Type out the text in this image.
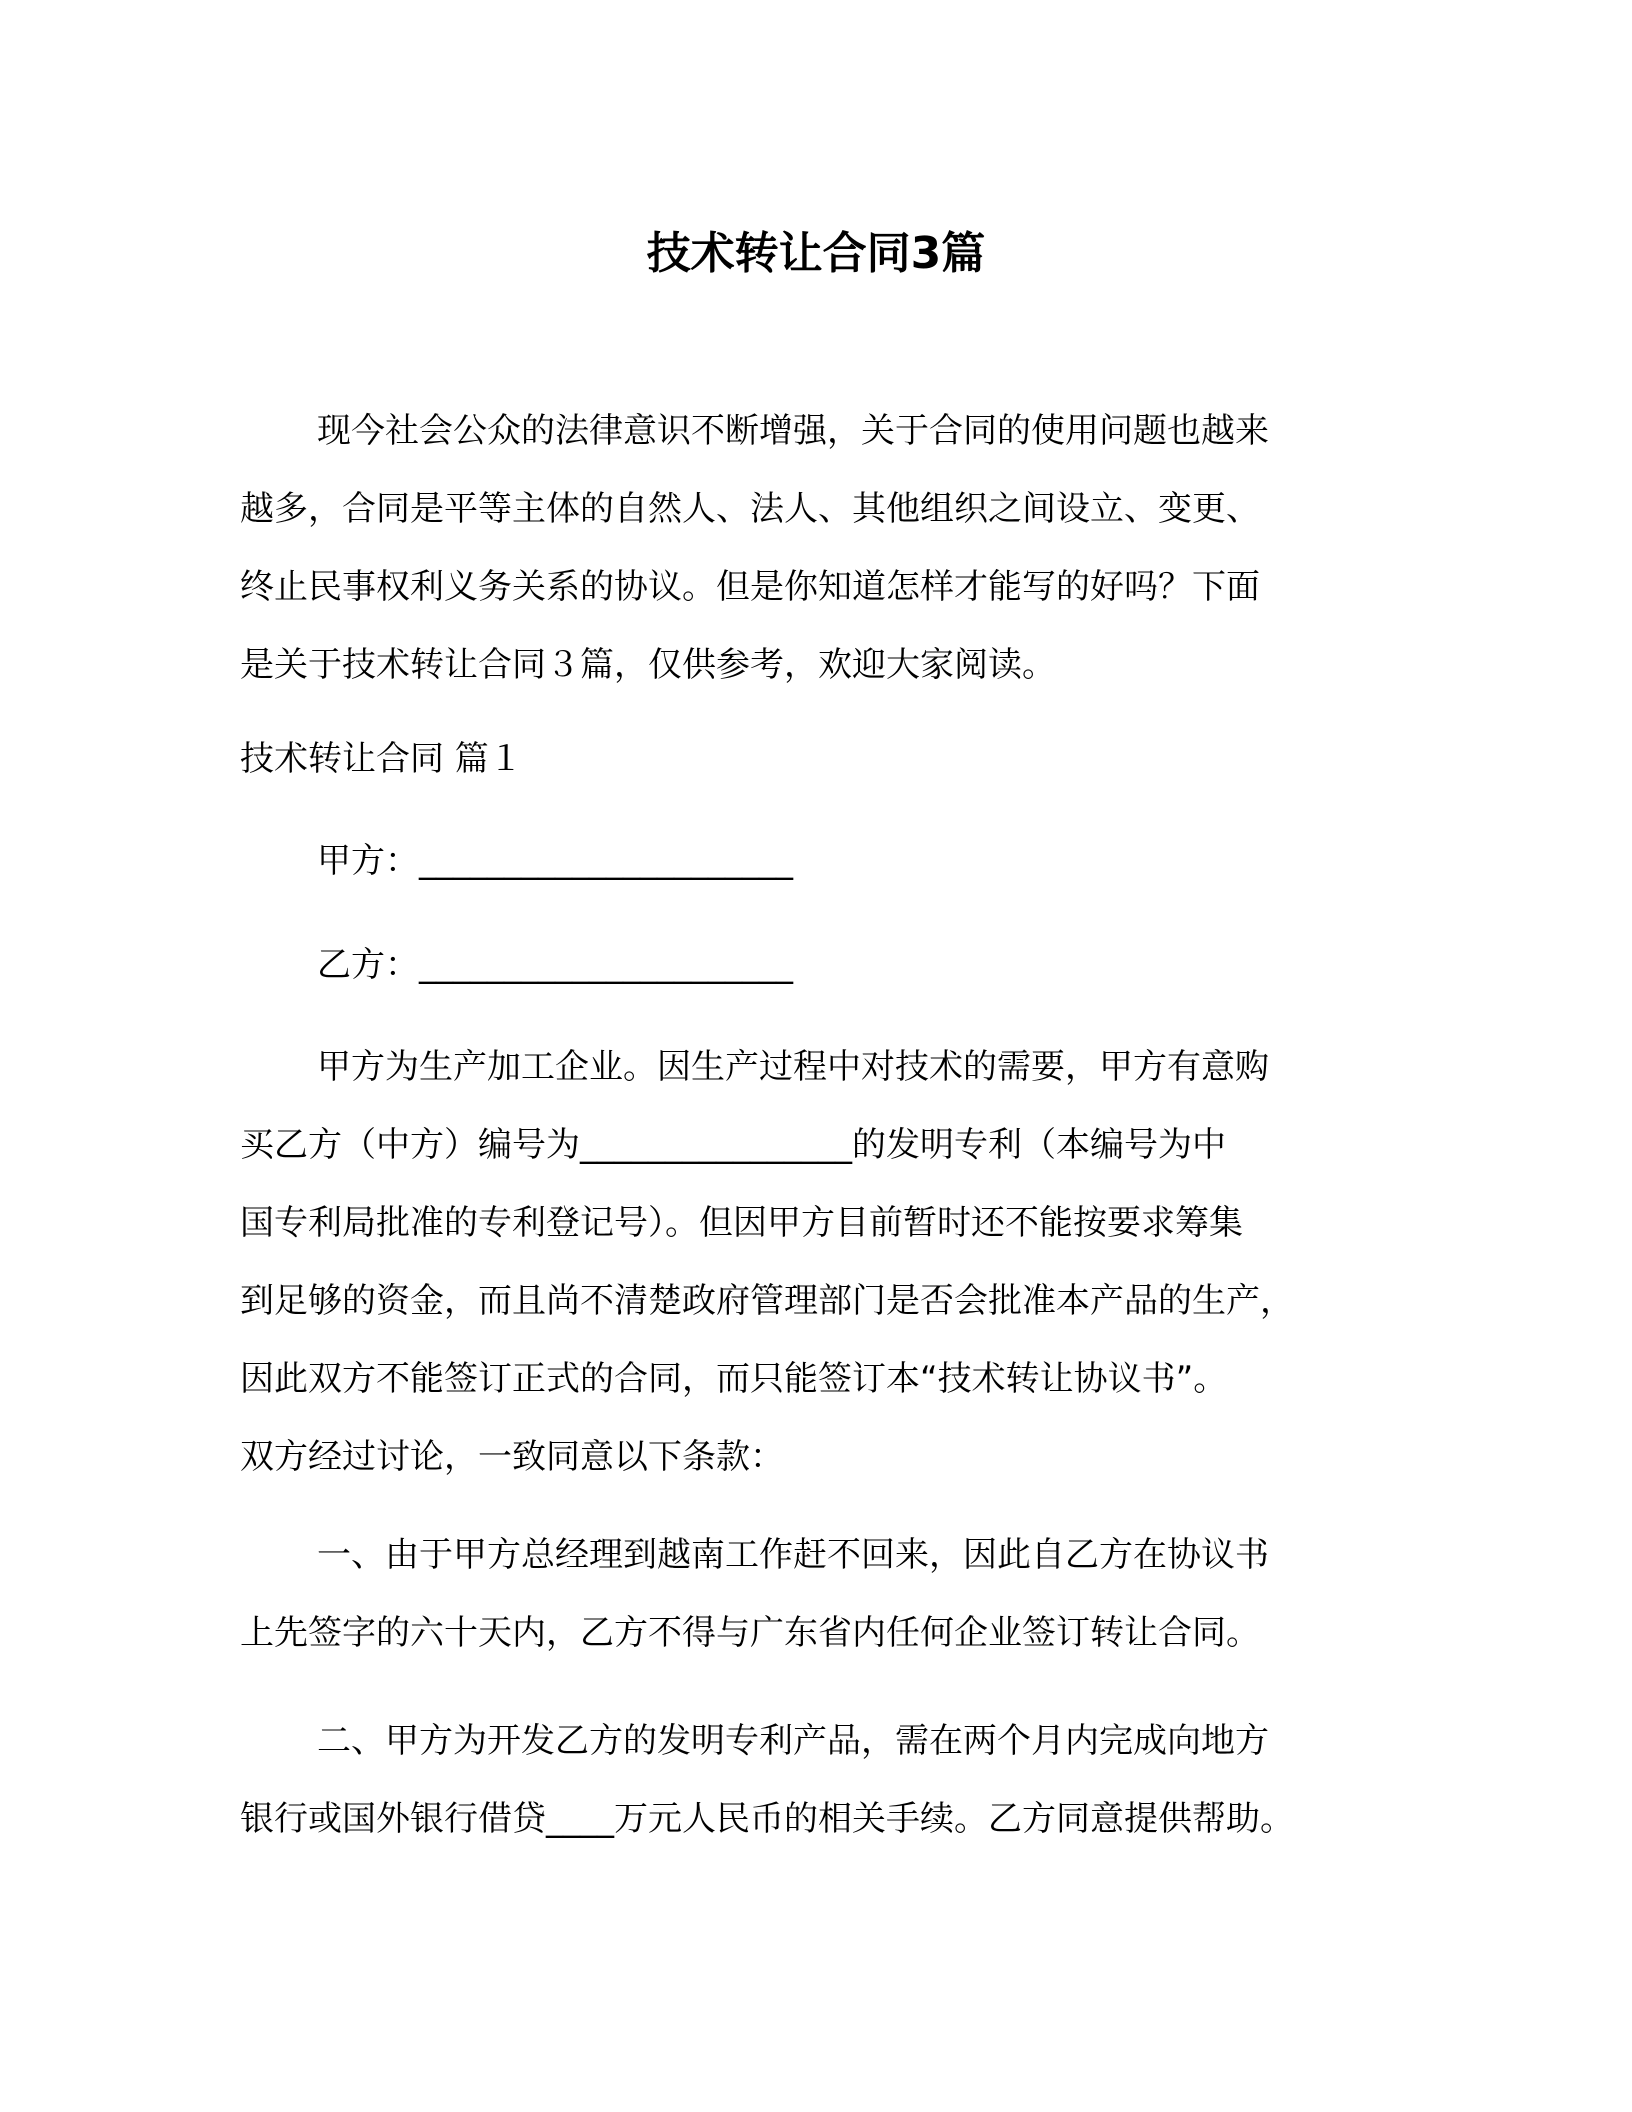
技术转让合同3篇
现今社会公众的法律意识不断增强，关于合同的使用问题也越来
越多，合同是平等主体的自然人、法人、其他组织之间设立、变更、
终止民事权利义务关系的协议。但是你知道怎样才能写的好吗？下面
是关于技术转让合同３篇，仅供参考，欢迎大家阅读。
技术转让合同 篇１
甲方：______________________
乙方：______________________
甲方为生产加工企业。因生产过程中对技术的需要，甲方有意购
买乙方（中方）编号为________________的发明专利（本编号为中
国专利局批准的专利登记号）。但因甲方目前暂时还不能按要求筹集
到足够的资金，而且尚不清楚政府管理部门是否会批准本产品的生产，
因此双方不能签订正式的合同，而只能签订本“技术转让协议书”。
双方经过讨论，一致同意以下条款：
一、由于甲方总经理到越南工作赶不回来，因此自乙方在协议书
上先签字的六十天内，乙方不得与广东省内任何企业签订转让合同。
二、甲方为开发乙方的发明专利产品，需在两个月内完成向地方
银行或国外银行借贷____万元人民币的相关手续。乙方同意提供帮助。
